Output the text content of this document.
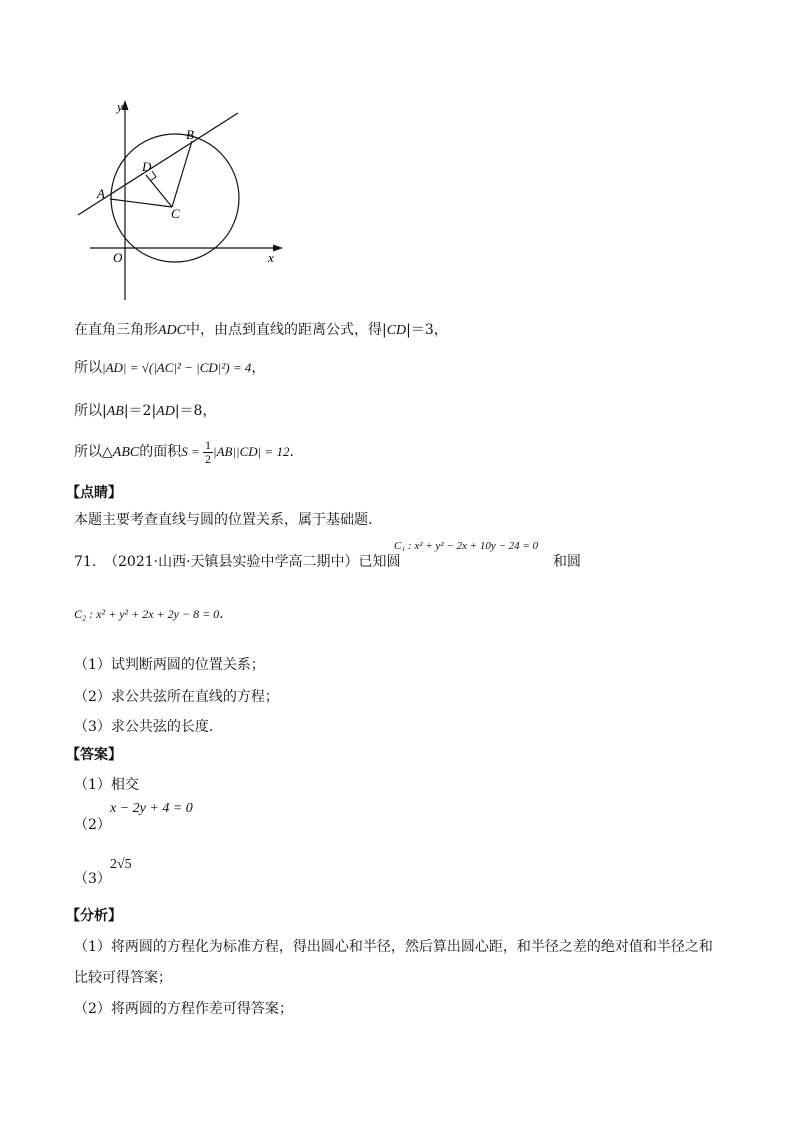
y
x
O
A
B
C
D
在直角三角形ADC中，由点到直线的距离公式，得|CD|＝3，
所以|AD| = √(|AC|² − |CD|²) = 4，
所以|AB|＝2|AD|＝8，
所以△ABC的面积$S = \frac{1}{2} |AB||CD| = 12$.
【点睛】
本题主要考查直线与圆的位置关系，属于基础题.
71. （2021·山西·天镇县实验中学高二期中）已知圆
C₁ : x² + y² − 2x + 10y − 24 = 0
和圆
C₂ : x² + y² + 2x + 2y − 8 = 0.
（1）试判断两圆的位置关系；
（2）求公共弦所在直线的方程；
（3）求公共弦的长度.
【答案】
（1）相交
（2）
x − 2y + 4 = 0
（3）
2√5
【分析】
（1）将两圆的方程化为标准方程，得出圆心和半径，然后算出圆心距，和半径之差的绝对值和半径之和
比较可得答案；
（2）将两圆的方程作差可得答案；
